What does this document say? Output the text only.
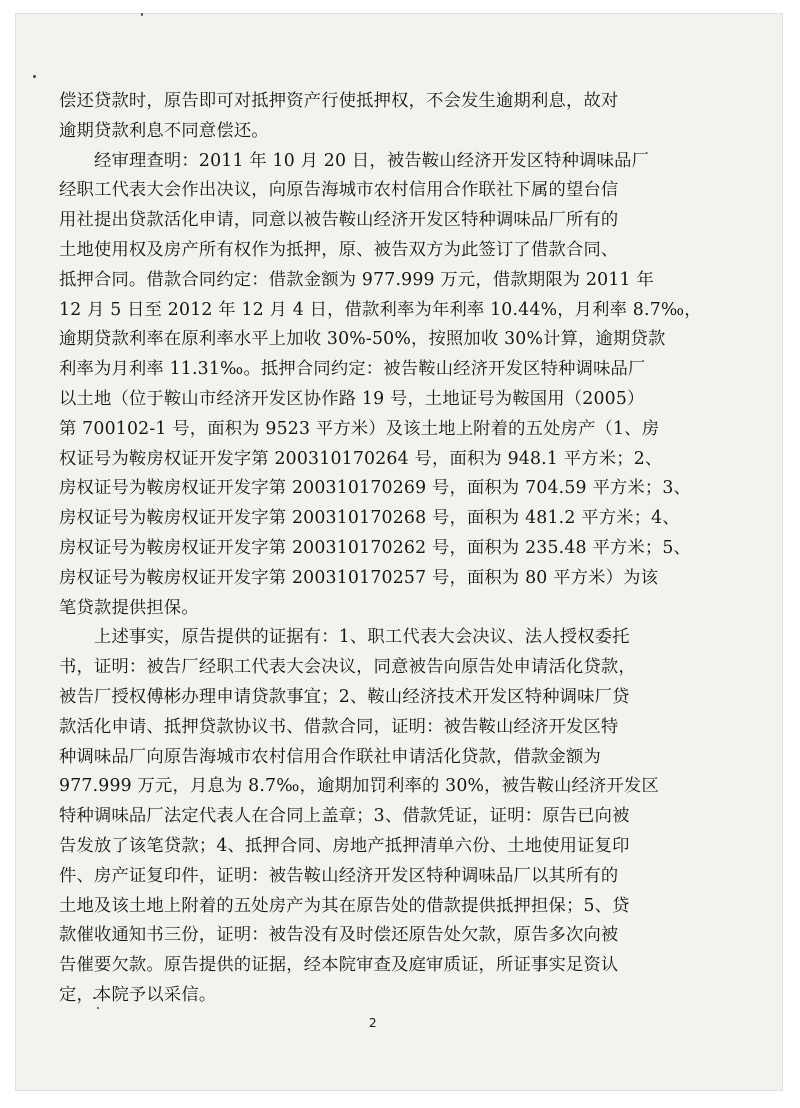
偿还贷款时，原告即可对抵押资产行使抵押权，不会发生逾期利息，故对
逾期贷款利息不同意偿还。
经审理查明：2011 年 10 月 20 日，被告鞍山经济开发区特种调味品厂
经职工代表大会作出决议，向原告海城市农村信用合作联社下属的望台信
用社提出贷款活化申请，同意以被告鞍山经济开发区特种调味品厂所有的
土地使用权及房产所有权作为抵押，原、被告双方为此签订了借款合同、
抵押合同。借款合同约定：借款金额为 977.999 万元，借款期限为 2011 年
12 月 5 日至 2012 年 12 月 4 日，借款利率为年利率 10.44%，月利率 8.7‰，
逾期贷款利率在原利率水平上加收 30%-50%，按照加收 30%计算，逾期贷款
利率为月利率 11.31‰。抵押合同约定：被告鞍山经济开发区特种调味品厂
以土地（位于鞍山市经济开发区协作路 19 号，土地证号为鞍国用（2005）
第 700102-1 号，面积为 9523 平方米）及该土地上附着的五处房产（1、房
权证号为鞍房权证开发字第 200310170264 号，面积为 948.1 平方米；2、
房权证号为鞍房权证开发字第 200310170269 号，面积为 704.59 平方米；3、
房权证号为鞍房权证开发字第 200310170268 号，面积为 481.2 平方米；4、
房权证号为鞍房权证开发字第 200310170262 号，面积为 235.48 平方米；5、
房权证号为鞍房权证开发字第 200310170257 号，面积为 80 平方米）为该
笔贷款提供担保。
上述事实，原告提供的证据有：1、职工代表大会决议、法人授权委托
书，证明：被告厂经职工代表大会决议，同意被告向原告处申请活化贷款，
被告厂授权傅彬办理申请贷款事宜；2、鞍山经济技术开发区特种调味厂贷
款活化申请、抵押贷款协议书、借款合同，证明：被告鞍山经济开发区特
种调味品厂向原告海城市农村信用合作联社申请活化贷款，借款金额为
977.999 万元，月息为 8.7‰，逾期加罚利率的 30%，被告鞍山经济开发区
特种调味品厂法定代表人在合同上盖章；3、借款凭证，证明：原告已向被
告发放了该笔贷款；4、抵押合同、房地产抵押清单六份、土地使用证复印
件、房产证复印件，证明：被告鞍山经济开发区特种调味品厂以其所有的
土地及该土地上附着的五处房产为其在原告处的借款提供抵押担保；5、贷
款催收通知书三份，证明：被告没有及时偿还原告处欠款，原告多次向被
告催要欠款。原告提供的证据，经本院审查及庭审质证，所证事实足资认
定，本院予以采信。
2
